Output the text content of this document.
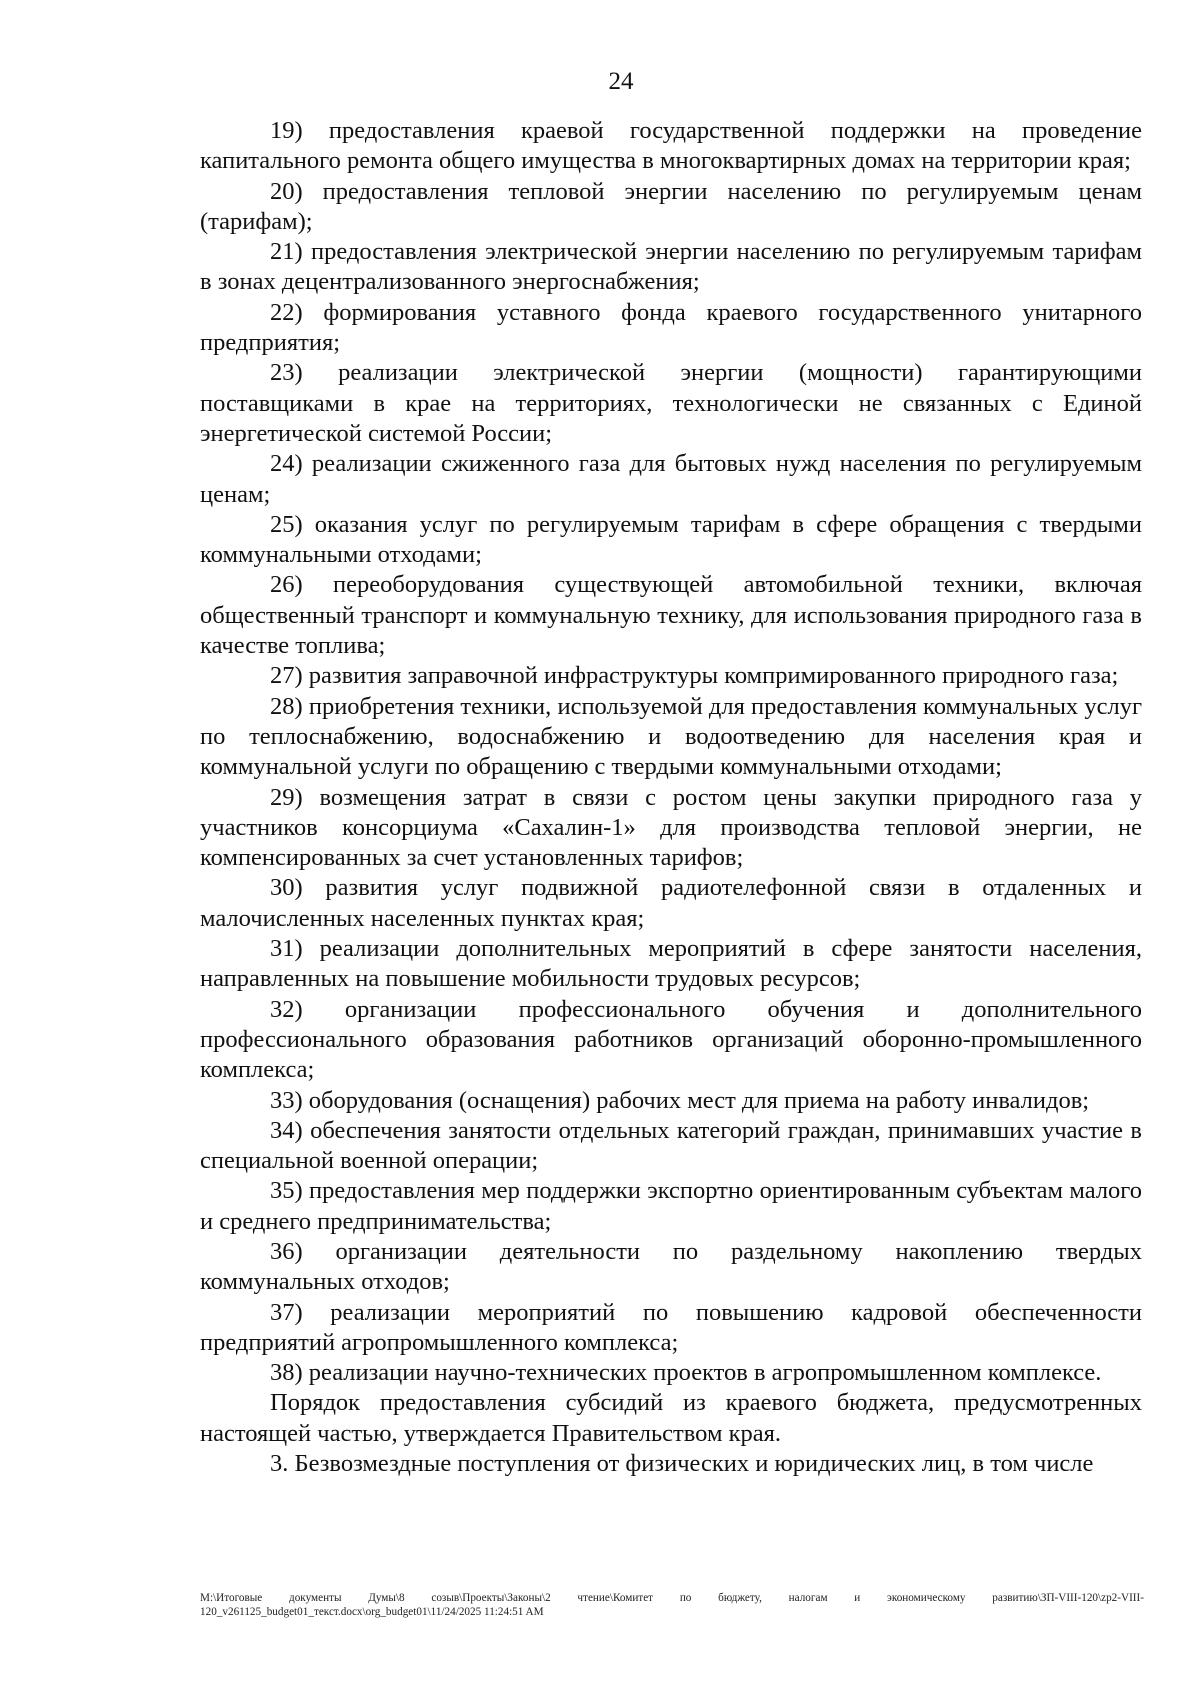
24

19) предоставления краевой государственной поддержки на проведение капитального ремонта общего имущества в многоквартирных домах на территории края;

20) предоставления тепловой энергии населению по регулируемым ценам (тарифам);

21) предоставления электрической энергии населению по регулируемым тарифам в зонах децентрализованного энергоснабжения;

22) формирования уставного фонда краевого государственного унитарного предприятия;

23) реализации электрической энергии (мощности) гарантирующими поставщиками в крае на территориях, технологически не связанных с Единой энергетической системой России;

24) реализации сжиженного газа для бытовых нужд населения по регулируемым ценам;

25) оказания услуг по регулируемым тарифам в сфере обращения с твердыми коммунальными отходами;

26) переоборудования существующей автомобильной техники, включая общественный транспорт и коммунальную технику, для использования природного газа в качестве топлива;

27) развития заправочной инфраструктуры компримированного природного газа;

28) приобретения техники, используемой для предоставления коммунальных услуг по теплоснабжению, водоснабжению и водоотведению для населения края и коммунальной услуги по обращению с твердыми коммунальными отходами;

29) возмещения затрат в связи с ростом цены закупки природного газа у участников консорциума «Сахалин-1» для производства тепловой энергии, не компенсированных за счет установленных тарифов;

30) развития услуг подвижной радиотелефонной связи в отдаленных и малочисленных населенных пунктах края;

31) реализации дополнительных мероприятий в сфере занятости населения, направленных на повышение мобильности трудовых ресурсов;

32) организации профессионального обучения и дополнительного профессионального образования работников организаций оборонно-промышленного комплекса;

33) оборудования (оснащения) рабочих мест для приема на работу инвалидов;

34) обеспечения занятости отдельных категорий граждан, принимавших участие в специальной военной операции;

35) предоставления мер поддержки экспортно ориентированным субъектам малого и среднего предпринимательства;

36) организации деятельности по раздельному накоплению твердых коммунальных отходов;

37) реализации мероприятий по повышению кадровой обеспеченности предприятий агропромышленного комплекса;

38) реализации научно-технических проектов в агропромышленном комплексе.

Порядок предоставления субсидий из краевого бюджета, предусмотренных настоящей частью, утверждается Правительством края.

3. Безвозмездные поступления от физических и юридических лиц, в том числе

М:\Итоговые документы Думы\8 созыв\Проекты\Законы\2 чтение\Комитет по бюджету, налогам и экономическому развитию\ЗП-VIII-120\zp2-VIII-120_v261125_budget01_текст.docx\org_budget01\11/24/2025 11:24:51 AM
